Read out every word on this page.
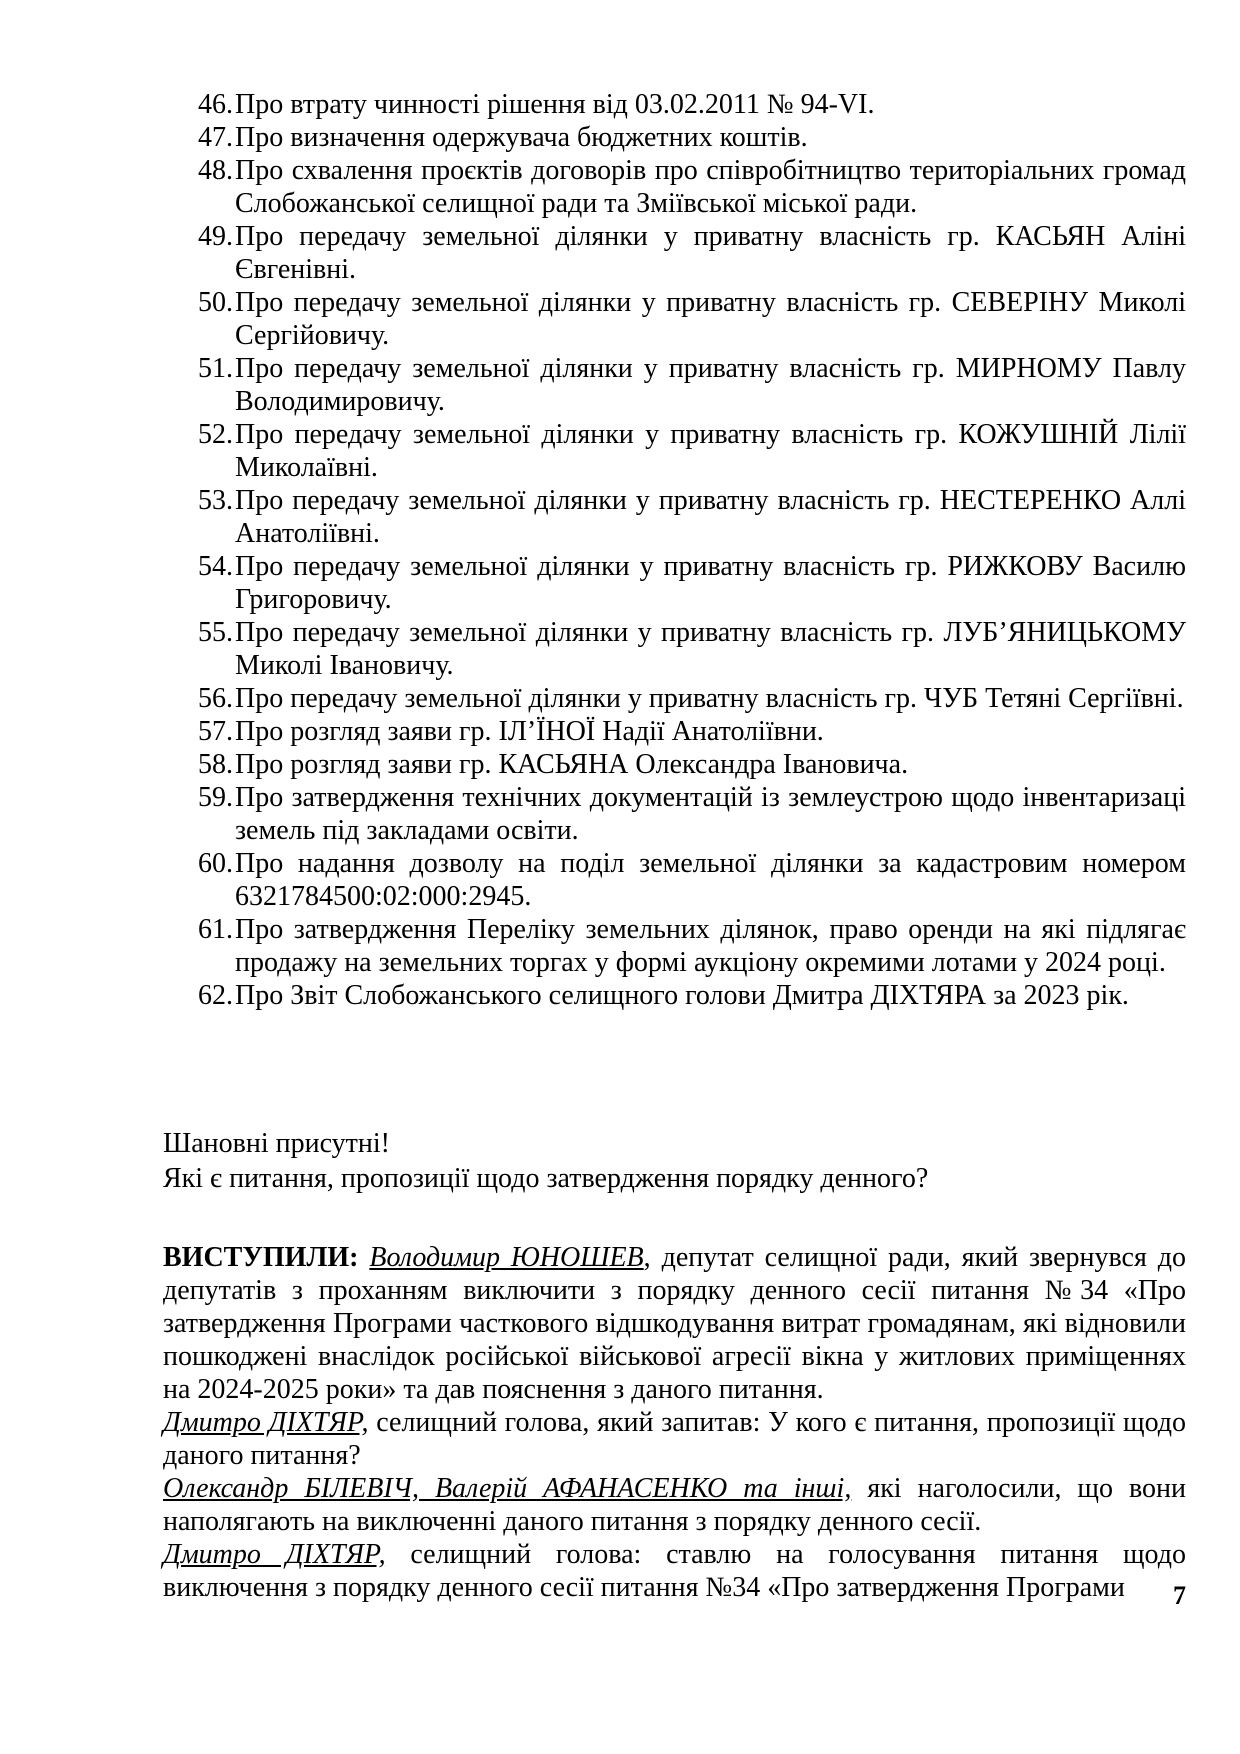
46. Про втрату чинності рішення від 03.02.2011 № 94-VI.
47. Про визначення одержувача бюджетних коштів.
48. Про схвалення проєктів договорів про співробітництво територіальних громад Слобожанської селищної ради та Зміївської міської ради.
49. Про передачу земельної ділянки у приватну власність гр. КАСЬЯН Аліні Євгенівні.
50. Про передачу земельної ділянки у приватну власність гр. СЕВЕРІНУ Миколі Сергійовичу.
51. Про передачу земельної ділянки у приватну власність гр. МИРНОМУ Павлу Володимировичу.
52. Про передачу земельної ділянки у приватну власність гр. КОЖУШНІЙ Лілії Миколаївні.
53. Про передачу земельної ділянки у приватну власність гр. НЕСТЕРЕНКО Аллі Анатоліївні.
54. Про передачу земельної ділянки у приватну власність гр. РИЖКОВУ Василю Григоровичу.
55. Про передачу земельної ділянки у приватну власність гр. ЛУБ’ЯНИЦЬКОМУ Миколі Івановичу.
56. Про передачу земельної ділянки у приватну власність гр. ЧУБ Тетяні Сергіївні.
57. Про розгляд заяви гр. ІЛ’ЇНОЇ Надії Анатоліївни.
58. Про розгляд заяви гр. КАСЬЯНА Олександра Івановича.
59. Про затвердження технічних документацій із землеустрою щодо інвентаризаці земель під закладами освіти.
60. Про надання дозволу на поділ земельної ділянки за кадастровим номером 6321784500:02:000:2945.
61. Про затвердження Переліку земельних ділянок, право оренди на які підлягає продажу на земельних торгах у формі аукціону окремими лотами у 2024 році.
62. Про Звіт Слобожанського селищного голови Дмитра ДІХТЯРА за 2023 рік.
Шановні присутні!
Які є питання, пропозиції щодо затвердження порядку денного?

ВИСТУПИЛИ: Володимир ЮНОШЕВ, депутат селищної ради, який звернувся до депутатів з проханням виключити з порядку денного сесії питання №34 «Про затвердження Програми часткового відшкодування витрат громадянам, які відновили пошкоджені внаслідок російської військової агресії вікна у житлових приміщеннях на 2024-2025 роки» та дав пояснення з даного питання.

Дмитро ДІХТЯР, селищний голова, який запитав: У кого є питання, пропозиції щодо даного питання?

Олександр БІЛЕВІЧ, Валерій АФАНАСЕНКО та інші, які наголосили, що вони наполягають на виключенні даного питання з порядку денного сесії.

Дмитро ДІХТЯР, селищний голова: ставлю на голосування питання щодо виключення з порядку денного сесії питання №34 «Про затвердження Програми	7
